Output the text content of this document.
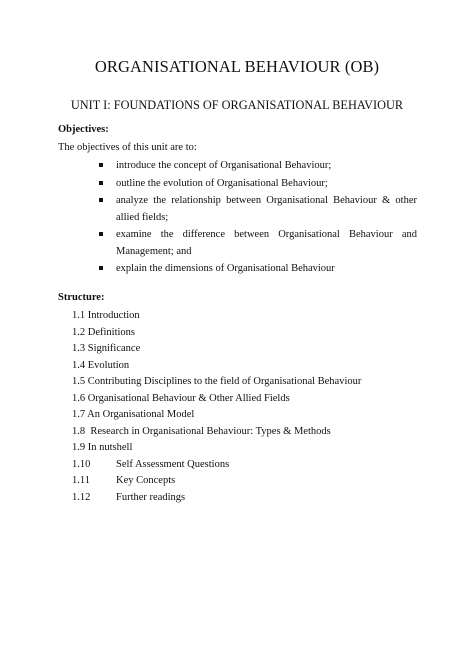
ORGANISATIONAL BEHAVIOUR (OB)
UNIT I: FOUNDATIONS OF ORGANISATIONAL BEHAVIOUR
Objectives:
The objectives of this unit are to:
introduce the concept of Organisational Behaviour;
outline the evolution of Organisational Behaviour;
analyze the relationship between Organisational Behaviour & other allied fields;
examine the difference between Organisational Behaviour and Management; and
explain the dimensions of Organisational Behaviour
Structure:
1.1 Introduction
1.2 Definitions
1.3 Significance
1.4 Evolution
1.5 Contributing Disciplines to the field of Organisational Behaviour
1.6 Organisational Behaviour & Other Allied Fields
1.7 An Organisational Model
1.8  Research in Organisational Behaviour: Types & Methods
1.9 In nutshell
1.10 Self Assessment Questions
1.11 Key Concepts
1.12 Further readings
